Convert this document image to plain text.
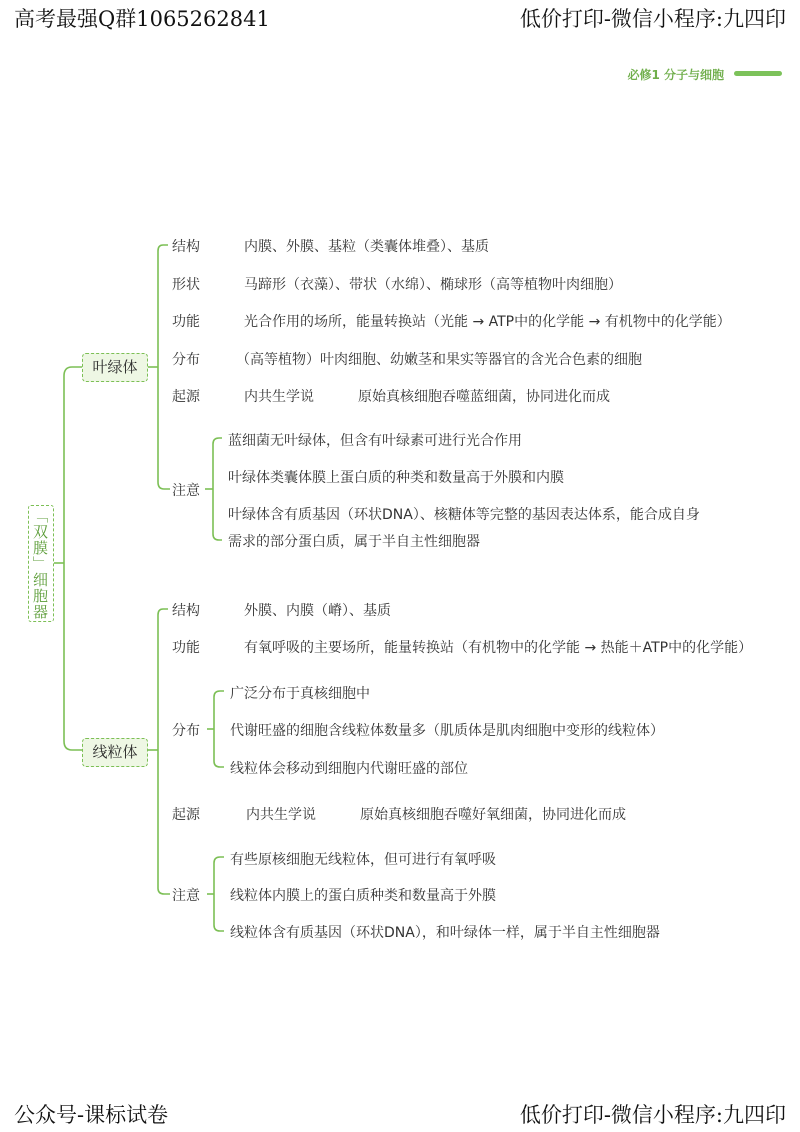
高考最强Q群1065262841	低价打印-微信小程序:九四印
公众号-课标试卷	低价打印-微信小程序:九四印
必修1 分子与细胞
「双膜」细胞器
叶绿体
结构	内膜、外膜、基粒（类囊体堆叠）、基质
形状	马蹄形（衣藻）、带状（水绵）、椭球形（高等植物叶肉细胞）
功能	光合作用的场所，能量转换站（光能 → ATP中的化学能 → 有机物中的化学能）
分布	（高等植物）叶肉细胞、幼嫩茎和果实等器官的含光合色素的细胞
起源	内共生学说	原始真核细胞吞噬蓝细菌，协同进化而成
注意
蓝细菌无叶绿体，但含有叶绿素可进行光合作用
叶绿体类囊体膜上蛋白质的种类和数量高于外膜和内膜
叶绿体含有质基因（环状DNA）、核糖体等完整的基因表达体系，能合成自身
需求的部分蛋白质，属于半自主性细胞器
线粒体
结构	外膜、内膜（嵴）、基质
功能	有氧呼吸的主要场所，能量转换站（有机物中的化学能 → 热能＋ATP中的化学能）
分布
广泛分布于真核细胞中
代谢旺盛的细胞含线粒体数量多（肌质体是肌肉细胞中变形的线粒体）
线粒体会移动到细胞内代谢旺盛的部位
起源	内共生学说	原始真核细胞吞噬好氧细菌，协同进化而成
注意
有些原核细胞无线粒体，但可进行有氧呼吸
线粒体内膜上的蛋白质种类和数量高于外膜
线粒体含有质基因（环状DNA），和叶绿体一样，属于半自主性细胞器
